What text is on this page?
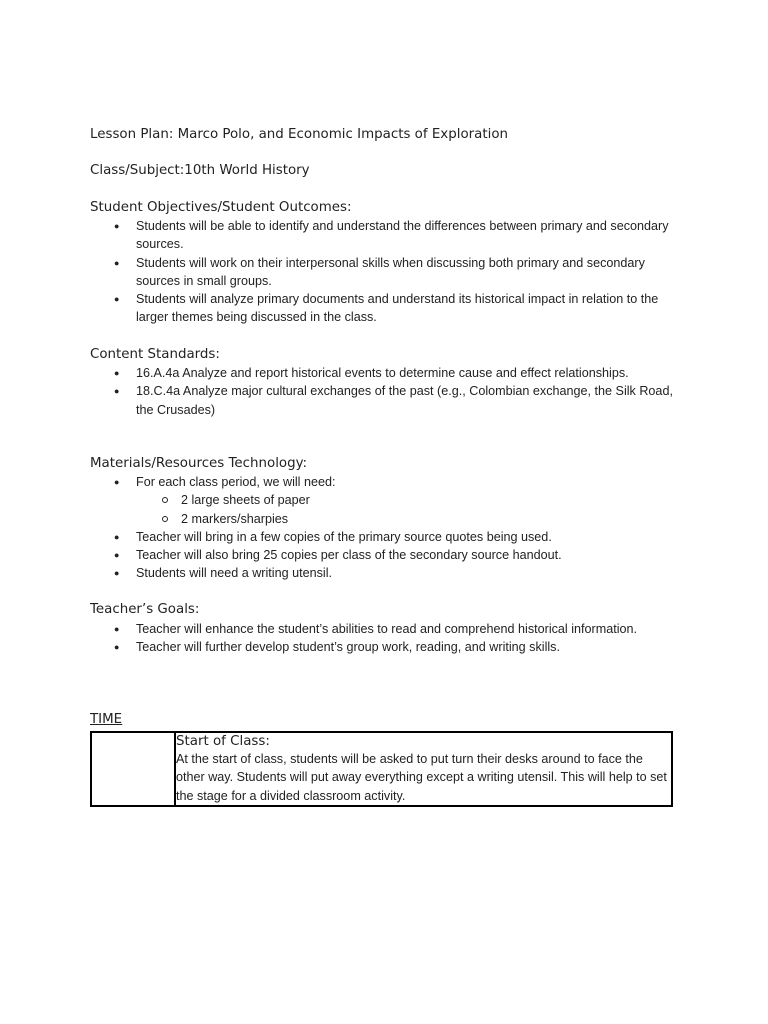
Lesson Plan: Marco Polo, and Economic Impacts of Exploration

Class/Subject:10th World History

Student Objectives/Student Outcomes:
● Students will be able to identify and understand the differences between primary and secondary sources.
● Students will work on their interpersonal skills when discussing both primary and secondary sources in small groups.
● Students will analyze primary documents and understand its historical impact in relation to the larger themes being discussed in the class.
Content Standards:
● 16.A.4a Analyze and report historical events to determine cause and effect relationships.
● 18.C.4a Analyze major cultural exchanges of the past (e.g., Colombian exchange, the Silk Road, the Crusades)
Materials/Resources Technology:
● For each class period, we will need:
2 large sheets of paper
2 markers/sharpies
● Teacher will bring in a few copies of the primary source quotes being used.
● Teacher will also bring 25 copies per class of the secondary source handout.
● Students will need a writing utensil.
Teacher’s Goals:
● Teacher will enhance the student’s abilities to read and comprehend historical information.
● Teacher will further develop student’s group work, reading, and writing skills.

TIME

Start of Class:

At the start of class, students will be asked to put turn their desks around to face the other way. Students will put away everything except a writing utensil. This will help to set the stage for a divided classroom activity.
